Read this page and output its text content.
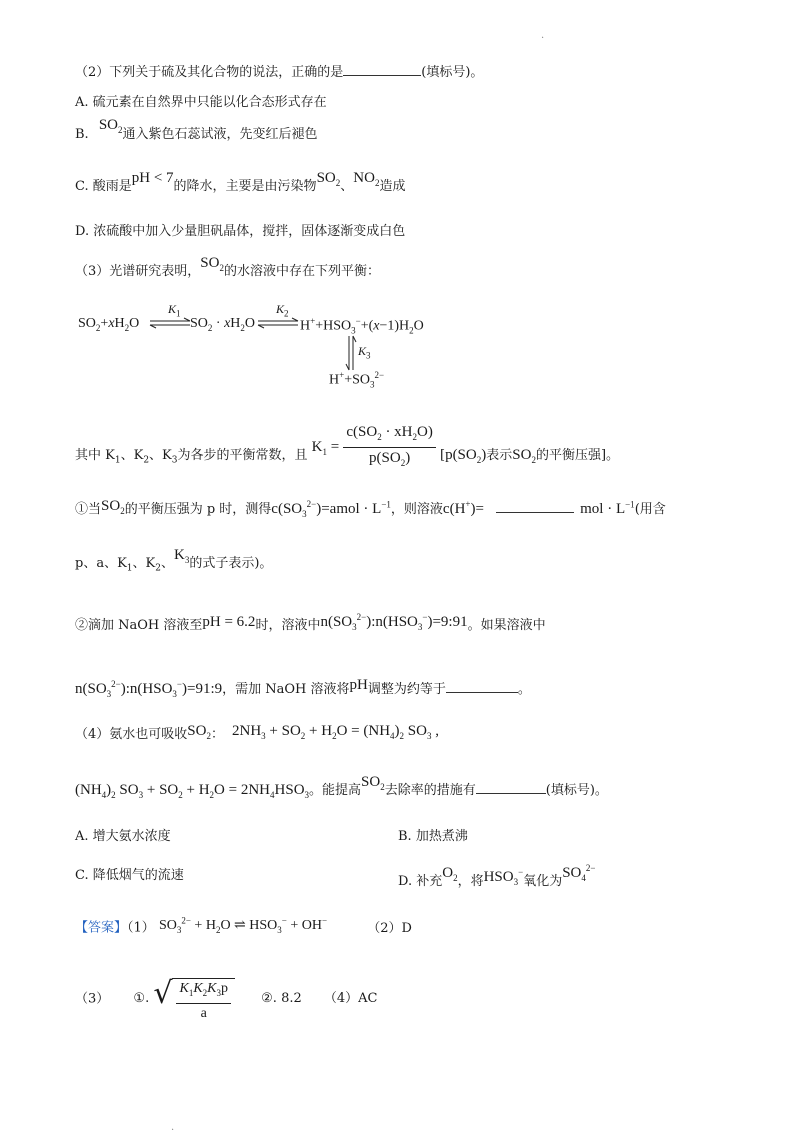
.
（2）下列关于硫及其化合物的说法，正确的是	(填标号)。
A. 硫元素在自然界中只能以化合态形式存在
B. $SO_2$通入紫色石蕊试液，先变红后褪色
C. 酸雨是pH < 7的降水，主要是由污染物$SO_2$、$NO_2$造成
D. 浓硫酸中加入少量胆矾晶体，搅拌，固体逐渐变成白色
（3）光谱研究表明，$SO_2$的水溶液中存在下列平衡：
$SO_2+xH_2O$	$SO_2 \cdot xH_2O$	$H^++HSO_3^-+(x-1)H_2O$
$H^++SO_3^{2-}$
$K_1$	$K_2$
$K_3$
其中 $K_1$、$K_2$、$K_3$为各步的平衡常数，且 $K_1 = \frac{c(SO_2 \cdot xH_2O)}{p(SO_2)} [p(SO_2)$表示$SO_2$的平衡压强]。
①当$SO_2$的平衡压强为 p 时，测得$c(SO_3^{2-})=amol \cdot L^{-1}$，则溶液c(H+)=	mol · $L^{-1}$(用含
p、a、$K_1$、$K_2$、$K_3$的式子表示)。
②滴加 NaOH 溶液至pH = 6.2时，溶液中$n(SO_3^{2-}):n(HSO_3^-)=9:91$。如果溶液中
$n(SO_3^{2-}):n(HSO_3^-)=91:9$，需加 NaOH 溶液将pH调整为约等于	。
（4）氨水也可吸收$SO_2$： $2NH_3 + SO_2 + H_2O = (NH_4)_2$ $SO_3$ ,
$(NH_4)_2$ $SO_3 + SO_2 + H_2O = 2NH_4HSO_3$。能提高$SO_2$去除率的措施有	(填标号)。
A. 增大氨水浓度	B. 加热煮沸
C. 降低烟气的流速	D. 补充$O_2$，将$HSO_3^-$氧化为$SO_4^{2-}$
【答案】（1） $SO_3^{2-} + H_2O$ ⇌ $HSO_3^- + OH^-$ （2）D
（3） ①. √ $\frac{K_1K_2K_3p}{a}$ ②. 8.2 （4）AC
.
